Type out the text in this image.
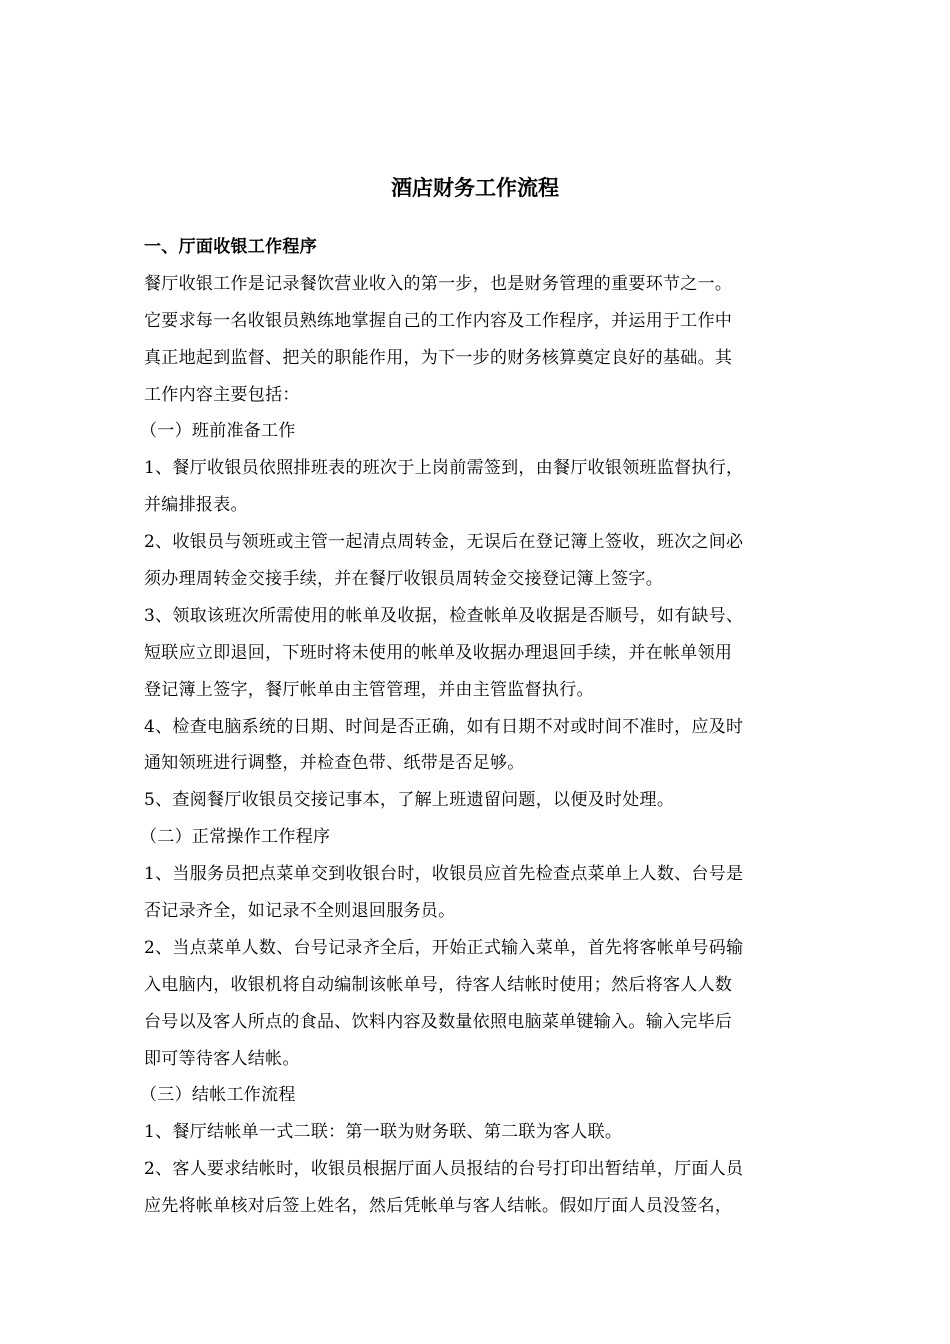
酒店财务工作流程
一、厅面收银工作程序
餐厅收银工作是记录餐饮营业收入的第一步，也是财务管理的重要环节之一。
它要求每一名收银员熟练地掌握自己的工作内容及工作程序，并运用于工作中
真正地起到监督、把关的职能作用，为下一步的财务核算奠定良好的基础。其
工作内容主要包括：
（一）班前准备工作
1、餐厅收银员依照排班表的班次于上岗前需签到，由餐厅收银领班监督执行，
并编排报表。
2、收银员与领班或主管一起清点周转金，无误后在登记簿上签收，班次之间必
须办理周转金交接手续，并在餐厅收银员周转金交接登记簿上签字。
3、领取该班次所需使用的帐单及收据，检查帐单及收据是否顺号，如有缺号、
短联应立即退回，下班时将未使用的帐单及收据办理退回手续，并在帐单领用
登记簿上签字，餐厅帐单由主管管理，并由主管监督执行。
4、检查电脑系统的日期、时间是否正确，如有日期不对或时间不准时，应及时
通知领班进行调整，并检查色带、纸带是否足够。
5、查阅餐厅收银员交接记事本，了解上班遗留问题，以便及时处理。
（二）正常操作工作程序
1、当服务员把点菜单交到收银台时，收银员应首先检查点菜单上人数、台号是
否记录齐全，如记录不全则退回服务员。
2、当点菜单人数、台号记录齐全后，开始正式输入菜单，首先将客帐单号码输
入电脑内，收银机将自动编制该帐单号，待客人结帐时使用；然后将客人人数
台号以及客人所点的食品、饮料内容及数量依照电脑菜单键输入。输入完毕后
即可等待客人结帐。
（三）结帐工作流程
1、餐厅结帐单一式二联：第一联为财务联、第二联为客人联。
2、客人要求结帐时，收银员根据厅面人员报结的台号打印出暂结单，厅面人员
应先将帐单核对后签上姓名，然后凭帐单与客人结帐。假如厅面人员没签名，
